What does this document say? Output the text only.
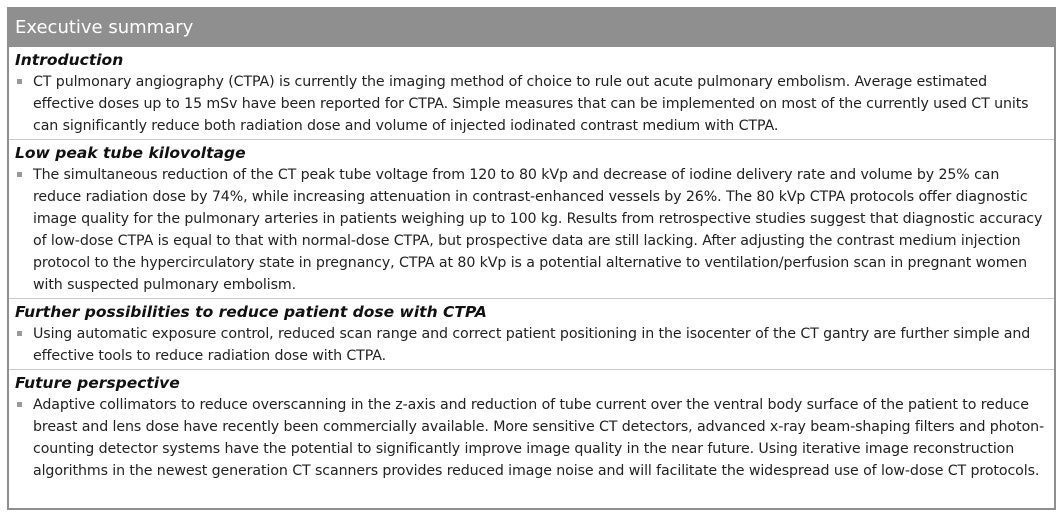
Executive summary
Introduction

CT pulmonary angiography (CTPA) is currently the imaging method of choice to rule out acute pulmonary embolism. Average estimated effective doses up to 15 mSv have been reported for CTPA. Simple measures that can be implemented on most of the currently used CT units can significantly reduce both radiation dose and volume of injected iodinated contrast medium with CTPA.

Low peak tube kilovoltage

The simultaneous reduction of the CT peak tube voltage from 120 to 80 kVp and decrease of iodine delivery rate and volume by 25% can reduce radiation dose by 74%, while increasing attenuation in contrast-enhanced vessels by 26%. The 80 kVp CTPA protocols offer diagnostic image quality for the pulmonary arteries in patients weighing up to 100 kg. Results from retrospective studies suggest that diagnostic accuracy of low-dose CTPA is equal to that with normal-dose CTPA, but prospective data are still lacking. After adjusting the contrast medium injection protocol to the hypercirculatory state in pregnancy, CTPA at 80 kVp is a potential alternative to ventilation/perfusion scan in pregnant women with suspected pulmonary embolism.

Further possibilities to reduce patient dose with CTPA

Using automatic exposure control, reduced scan range and correct patient positioning in the isocenter of the CT gantry are further simple and effective tools to reduce radiation dose with CTPA.

Future perspective

Adaptive collimators to reduce overscanning in the z-axis and reduction of tube current over the ventral body surface of the patient to reduce breast and lens dose have recently been commercially available. More sensitive CT detectors, advanced x-ray beam-shaping filters and photon-counting detector systems have the potential to significantly improve image quality in the near future. Using iterative image reconstruction algorithms in the newest generation CT scanners provides reduced image noise and will facilitate the widespread use of low-dose CT protocols.
